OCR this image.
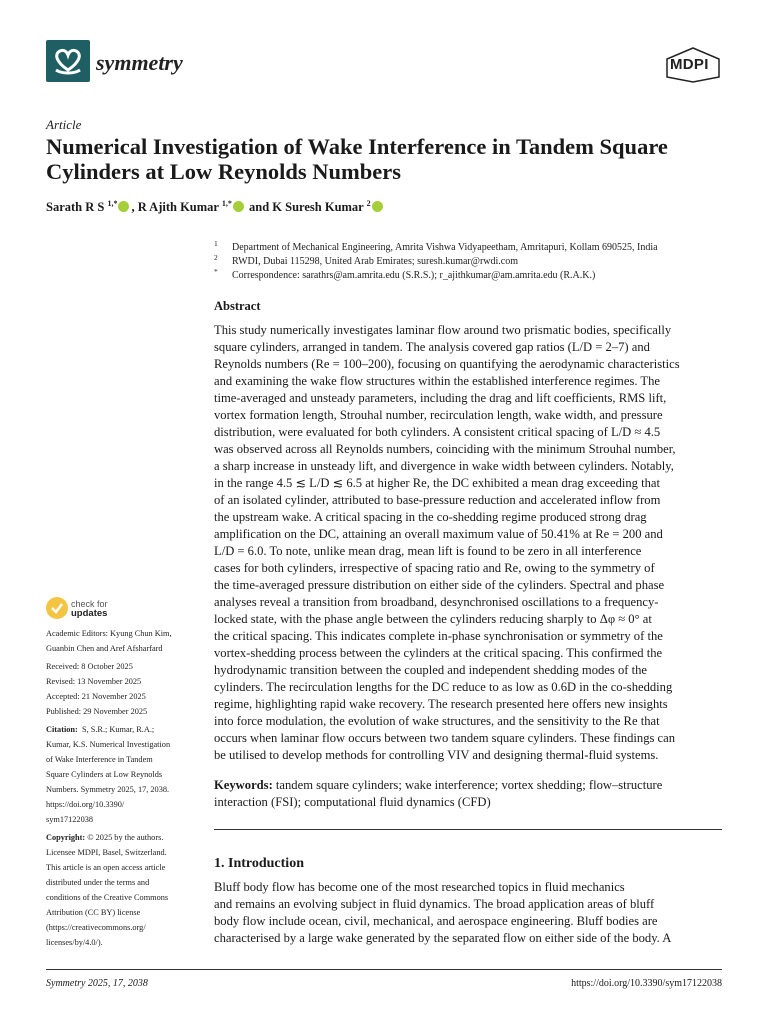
symmetry	MDPI
Article
Numerical Investigation of Wake Interference in Tandem Square Cylinders at Low Reynolds Numbers
Sarath R S $^{1,*}$ , R Ajith Kumar $^{1,*}$ and K Suresh Kumar $^2$
1 Department of Mechanical Engineering, Amrita Vishwa Vidyapeetham, Amritapuri, Kollam 690525, India
2 RWDI, Dubai 115298, United Arab Emirates; suresh.kumar@rwdi.com
* Correspondence: sarathrs@am.amrita.edu (S.R.S.); r_ajithkumar@am.amrita.edu (R.A.K.)
Abstract
This study numerically investigates laminar flow around two prismatic bodies, specifically
square cylinders, arranged in tandem. The analysis covered gap ratios (L/D = 2–7) and
Reynolds numbers (Re = 100–200), focusing on quantifying the aerodynamic characteristics
and examining the wake flow structures within the established interference regimes. The
time-averaged and unsteady parameters, including the drag and lift coefficients, RMS lift,
vortex formation length, Strouhal number, recirculation length, wake width, and pressure
distribution, were evaluated for both cylinders. A consistent critical spacing of L/D ≈ 4.5
was observed across all Reynolds numbers, coinciding with the minimum Strouhal number,
a sharp increase in unsteady lift, and divergence in wake width between cylinders. Notably,
in the range 4.5 ≲ L/D ≲ 6.5 at higher Re, the DC exhibited a mean drag exceeding that
of an isolated cylinder, attributed to base-pressure reduction and accelerated inflow from
the upstream wake. A critical spacing in the co-shedding regime produced strong drag
amplification on the DC, attaining an overall maximum value of 50.41% at Re = 200 and
L/D = 6.0. To note, unlike mean drag, mean lift is found to be zero in all interference
cases for both cylinders, irrespective of spacing ratio and Re, owing to the symmetry of
the time-averaged pressure distribution on either side of the cylinders. Spectral and phase
analyses reveal a transition from broadband, desynchronised oscillations to a frequency-
locked state, with the phase angle between the cylinders reducing sharply to Δφ ≈ 0° at
the critical spacing. This indicates complete in-phase synchronisation or symmetry of the
vortex-shedding process between the cylinders at the critical spacing. This confirmed the
hydrodynamic transition between the coupled and independent shedding modes of the
cylinders. The recirculation lengths for the DC reduce to as low as 0.6D in the co-shedding
regime, highlighting rapid wake recovery. The research presented here offers new insights
into force modulation, the evolution of wake structures, and the sensitivity to the Re that
occurs when laminar flow occurs between two tandem square cylinders. These findings can
be utilised to develop methods for controlling VIV and designing thermal-fluid systems.
Keywords: tandem square cylinders; wake interference; vortex shedding; flow–structure
interaction (FSI); computational fluid dynamics (CFD)
1. Introduction
Bluff body flow has become one of the most researched topics in fluid mechanics
and remains an evolving subject in fluid dynamics. The broad application areas of bluff
body flow include ocean, civil, mechanical, and aerospace engineering. Bluff bodies are
characterised by a large wake generated by the separated flow on either side of the body. A
check for
updates
Academic Editors: Kyung Chun Kim,
Guanbin Chen and Aref Afsharfard
Received: 8 October 2025
Revised: 13 November 2025
Accepted: 21 November 2025
Published: 29 November 2025
Citation: S, S.R.; Kumar, R.A.;
Kumar, K.S. Numerical Investigation
of Wake Interference in Tandem
Square Cylinders at Low Reynolds
Numbers. Symmetry 2025, 17, 2038.
https://doi.org/10.3390/
sym17122038
Copyright: © 2025 by the authors.
Licensee MDPI, Basel, Switzerland.
This article is an open access article
distributed under the terms and
conditions of the Creative Commons
Attribution (CC BY) license
(https://creativecommons.org/
licenses/by/4.0/).
Symmetry 2025, 17, 2038	https://doi.org/10.3390/sym17122038
